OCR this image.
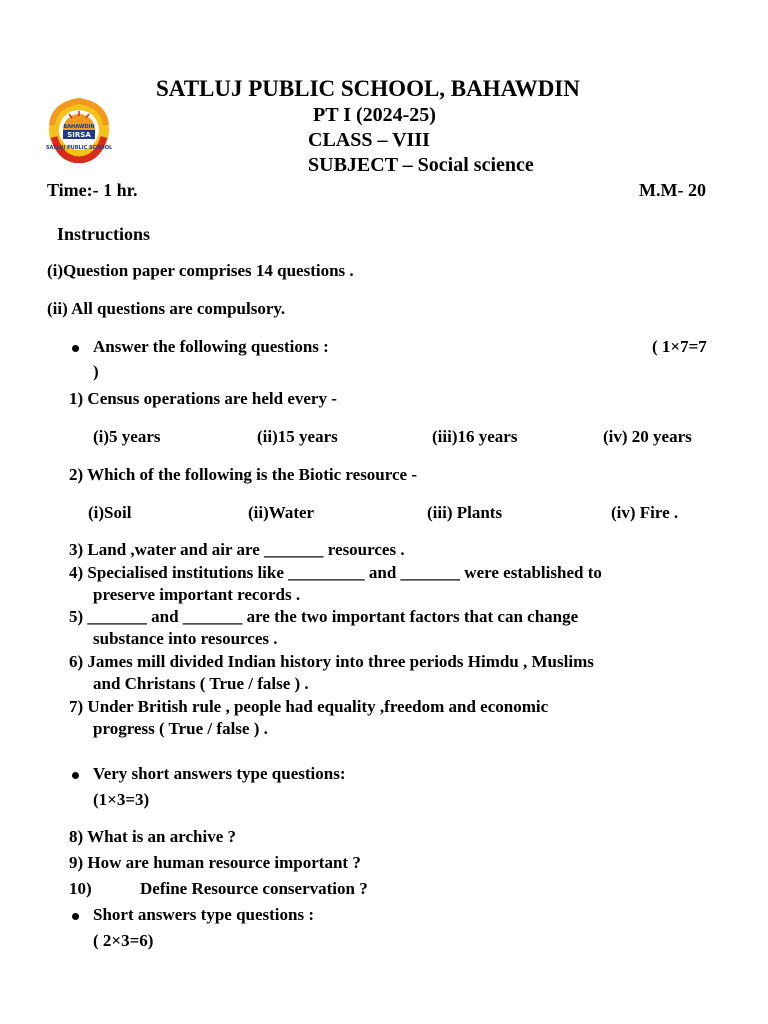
BAHAWDIN
SIRSA
SATLUJ PUBLIC SCHOOL
SATLUJ PUBLIC SCHOOL, BAHAWDIN
PT I (2024-25)
CLASS – VIII
SUBJECT – Social science
Time:- 1 hr.	M.M- 20
Instructions
(i)Question paper comprises 14 questions .
(ii) All questions are compulsory.
Answer the following questions :	( 1×7=7
)
1) Census operations are held every -
(i)5 years	(ii)15 years	(iii)16 years	(iv) 20 years
2) Which of the following is the Biotic resource -
(i)Soil	(ii)Water	(iii) Plants	(iv) Fire .
3) Land ,water and air are _______ resources .
4) Specialised institutions like _________ and _______ were established to
preserve important records .
5) _______ and _______ are the two important factors that can change
substance into resources .
6) James mill divided Indian history into three periods Himdu , Muslims
and Christans ( True / false ) .
7) Under British rule , people had equality ,freedom and economic
progress ( True / false ) .
Very short answers type questions:
(1×3=3)
8) What is an archive ?
9) How are human resource important ?
10)	Define Resource conservation ?
Short answers type questions :
( 2×3=6)
